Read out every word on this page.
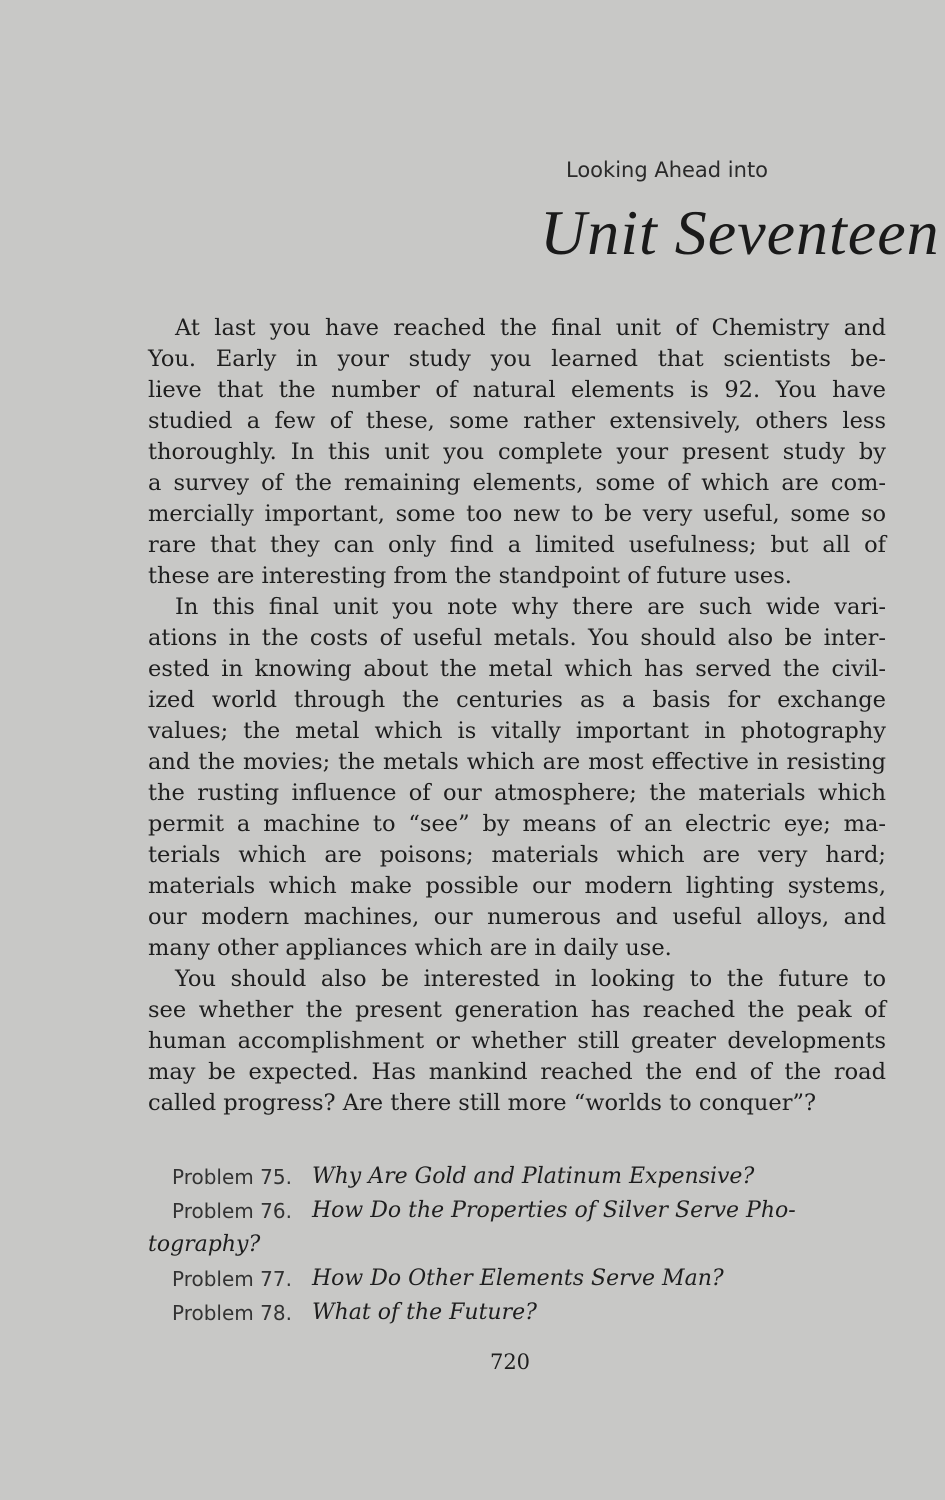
Looking Ahead into
Unit Seventeen
At last you have reached the final unit of Chemistry and
You. Early in your study you learned that scientists be-
lieve that the number of natural elements is 92. You have
studied a few of these, some rather extensively, others less
thoroughly. In this unit you complete your present study by
a survey of the remaining elements, some of which are com-
mercially important, some too new to be very useful, some so
rare that they can only find a limited usefulness; but all of
these are interesting from the standpoint of future uses.
In this final unit you note why there are such wide vari-
ations in the costs of useful metals. You should also be inter-
ested in knowing about the metal which has served the civil-
ized world through the centuries as a basis for exchange
values; the metal which is vitally important in photography
and the movies; the metals which are most effective in resisting
the rusting influence of our atmosphere; the materials which
permit a machine to “see” by means of an electric eye; ma-
terials which are poisons; materials which are very hard;
materials which make possible our modern lighting systems,
our modern machines, our numerous and useful alloys, and
many other appliances which are in daily use.
You should also be interested in looking to the future to
see whether the present generation has reached the peak of
human accomplishment or whether still greater developments
may be expected. Has mankind reached the end of the road
called progress? Are there still more “worlds to conquer”?
Problem 75. Why Are Gold and Platinum Expensive?
Problem 76. How Do the Properties of Silver Serve Pho-
tography?
Problem 77. How Do Other Elements Serve Man?
Problem 78. What of the Future?
720
